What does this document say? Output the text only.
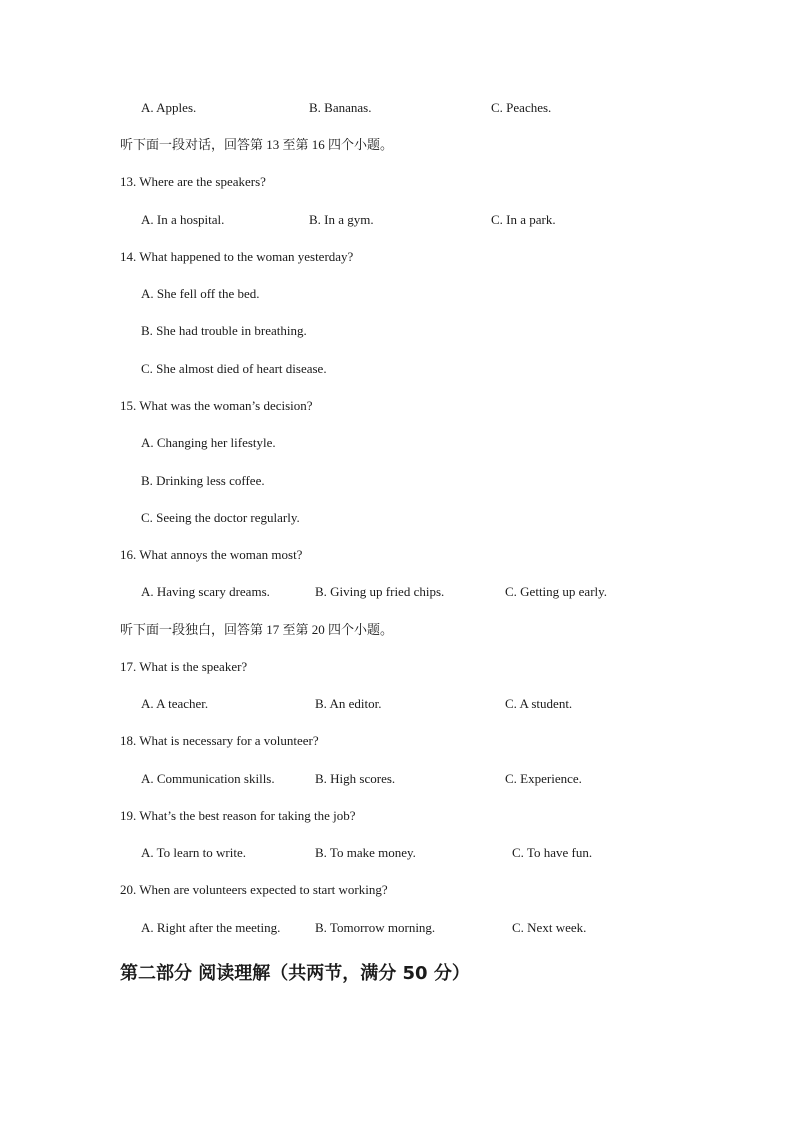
A. Apples.	B. Bananas.	C. Peaches.
听下面一段对话，回答第 13 至第 16 四个小题。
13. Where are the speakers?
A. In a hospital.	B. In a gym.	C. In a park.
14. What happened to the woman yesterday?
A. She fell off the bed.
B. She had trouble in breathing.
C. She almost died of heart disease.
15. What was the woman’s decision?
A. Changing her lifestyle.
B. Drinking less coffee.
C. Seeing the doctor regularly.
16. What annoys the woman most?
A. Having scary dreams.	B. Giving up fried chips.	C. Getting up early.
听下面一段独白，回答第 17 至第 20 四个小题。
17. What is the speaker?
A. A teacher.	B. An editor.	C. A student.
18. What is necessary for a volunteer?
A. Communication skills.	B. High scores.	C. Experience.
19. What’s the best reason for taking the job?
A. To learn to write.	B. To make money.	C. To have fun.
20. When are volunteers expected to start working?
A. Right after the meeting.	B. Tomorrow morning.	C. Next week.
第二部分 阅读理解（共两节，满分 50 分）
